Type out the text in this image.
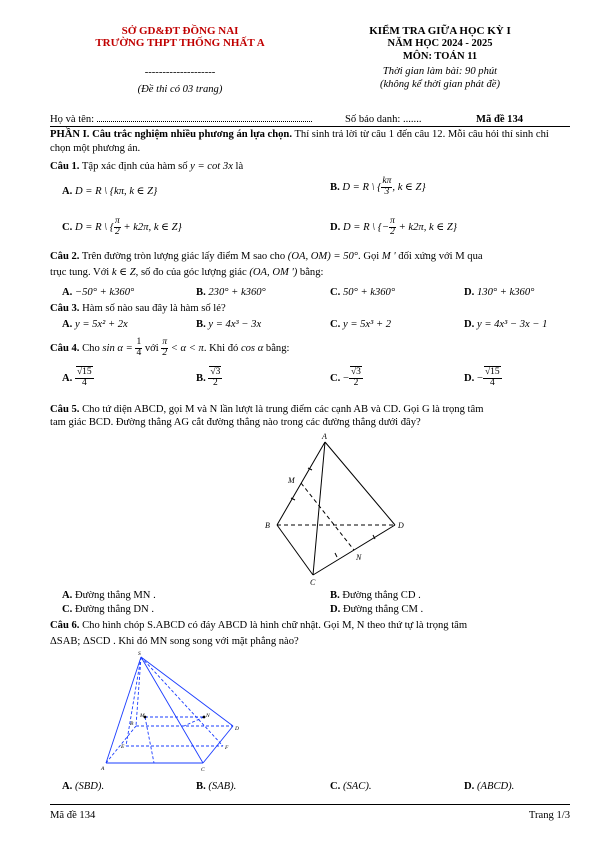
SỞ GD&ĐT ĐỒNG NAI
TRƯỜNG THPT THỐNG NHẤT A
--------------------
(Đề thi có 03 trang)
KIỂM TRA GIỮA HỌC KỲ I
NĂM HỌC 2024 - 2025
MÔN: TOÁN 11
Thời gian làm bài: 90 phút
(không kể thời gian phát đề)
Họ và tên:	Số báo danh: .......	Mã đề 134
PHẦN I. Câu trắc nghiệm nhiều phương án lựa chọn. Thí sinh trả lời từ câu 1 đến câu 12. Mỗi câu hỏi thí sinh chỉ chọn một phương án.
Câu 1. Tập xác định của hàm số y = cot 3x là
A. D = R \ {kπ, k ∈ Z}	B. D = R \ { $\frac{k\pi}{3}$ , k ∈ Z}
C. D = R \ { $\frac{\pi}{2} + k2\pi$, k ∈ Z}	D. D = R \ {− $\frac{\pi}{2} + k2\pi$, k ∈ Z}
Câu 2. Trên đường tròn lượng giác lấy điểm M sao cho (OA, OM) = 50°. Gọi M ' đối xứng với M qua
trục tung. Với k ∈ Z, số đo của góc lượng giác (OA, OM ') bằng:
A. −50° + k360°	B. 230° + k360°	C. 50° + k360°	D. 130° + k360°
Câu 3. Hàm số nào sau đây là hàm số lẻ?
A. y = 5x² + 2x	B. y = 4x³ − 3x	C. y = 5x³ + 2	D. y = 4x³ − 3x − 1
Câu 4. Cho $\sin \alpha = \frac{1}{4}$ với $\frac{\pi}{2} < \alpha < \pi$. Khi đó cos α bằng:
A. $\frac{√15}{4}$	B. $\frac{√3}{2}$	C. − $\frac{√3}{2}$	D. − $\frac{√15}{4}$
Câu 5. Cho tứ diện ABCD, gọi M và N lần lượt là trung điểm các cạnh AB và CD. Gọi G là trọng tâm
tam giác BCD. Đường thẳng AG cắt đường thẳng nào trong các đường thẳng dưới đây?
A
B
C
D
M
N
A. Đường thẳng MN .	B. Đường thẳng CD .
C. Đường thẳng DN .	D. Đường thẳng CM .
Câu 6. Cho hình chóp S.ABCD có đáy ABCD là hình chữ nhật. Gọi M, N theo thứ tự là trọng tâm
ΔSAB; ΔSCD . Khi đó MN song song với mặt phẳng nào?
S
M	N
A	C
D
B
E	F
A. (SBD).	B. (SAB).	C. (SAC).	D. (ABCD).
Mã đề 134	Trang 1/3
